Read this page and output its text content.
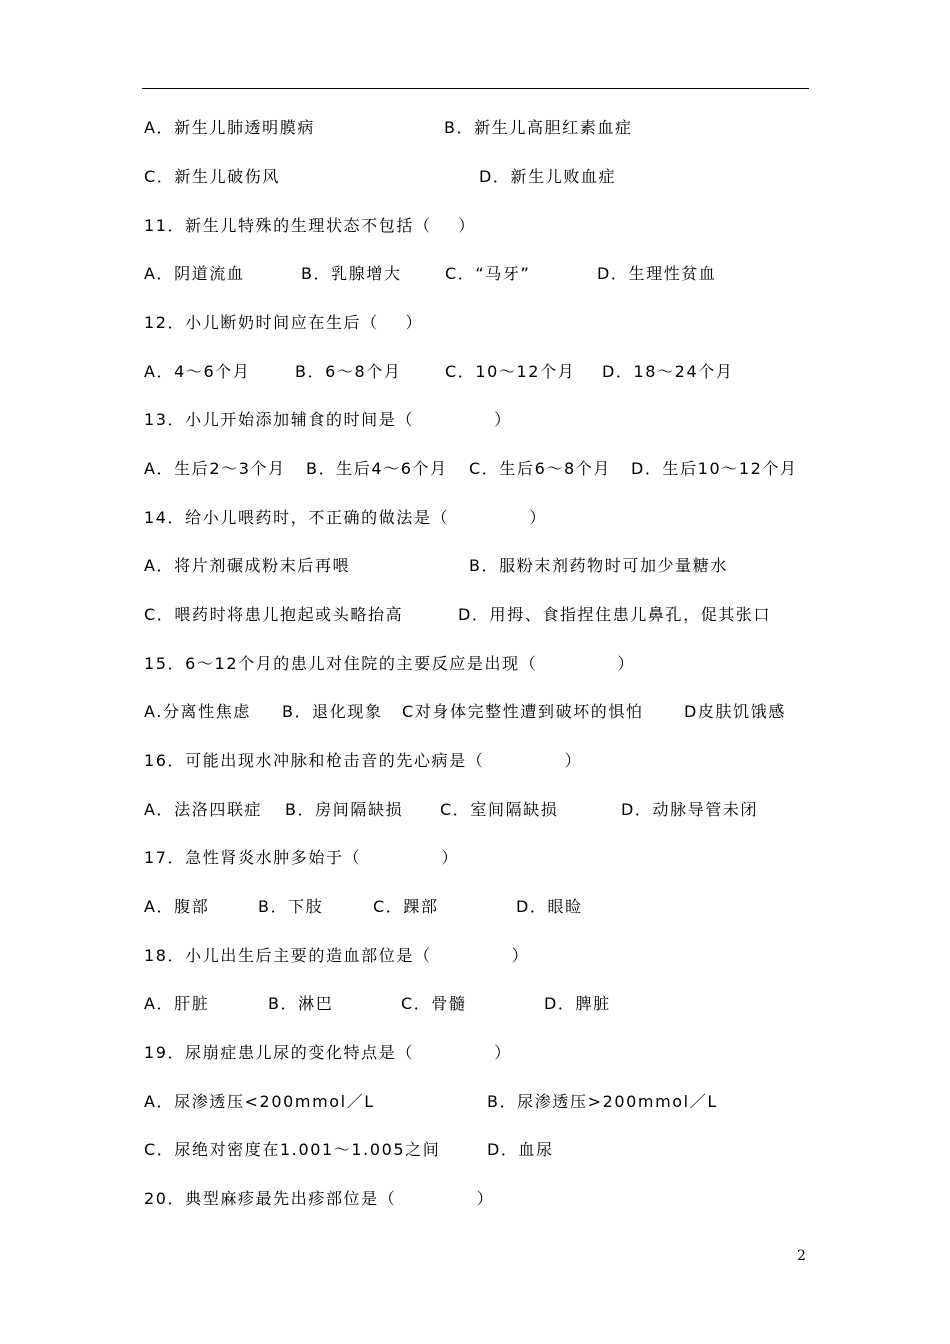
A．新生儿肺透明膜病

	B．新生儿高胆红素血症

C．新生儿破伤风

	D．新生儿败血症

11．新生儿特殊的生理状态不包括（    ）

A．阴道流血

	B．乳腺增大

	C．“马牙”

	D．生理性贫血

12．小儿断奶时间应在生后（    ）

A．4～6个月

	B．6～8个月

	C．10～12个月

D．18～24个月

13．小儿开始添加辅食的时间是（            ）

A．生后2～3个月

B．生后4～6个月

C．生后6～8个月

D．生后10～12个月

14．给小儿喂药时，不正确的做法是（            ）

A．将片剂碾成粉末后再喂

	B．服粉末剂药物时可加少量糖水

C．喂药时将患儿抱起或头略抬高

	D．用拇、食指捏住患儿鼻孔，促其张口

15．6～12个月的患儿对住院的主要反应是出现（            ）

A.分离性焦虑

B．退化现象

C对身体完整性遭到破坏的惧怕

	D皮肤饥饿感

16．可能出现水冲脉和枪击音的先心病是（            ）

A．法洛四联症

B．房间隔缺损

C．室间隔缺损

	D．动脉导管未闭

17．急性肾炎水肿多始于（            ）

A．腹部

	B．下肢

	C．踝部

	D．眼睑

18．小儿出生后主要的造血部位是（            ）

A．肝脏

	B．淋巴

	C．骨髓

	D．脾脏

19．尿崩症患儿尿的变化特点是（            ）

A．尿渗透压<200mmol／L

	B．尿渗透压>200mmol／L

C．尿绝对密度在1.001～1.005之间

	D．血尿

20．典型麻疹最先出疹部位是（            ）

2
